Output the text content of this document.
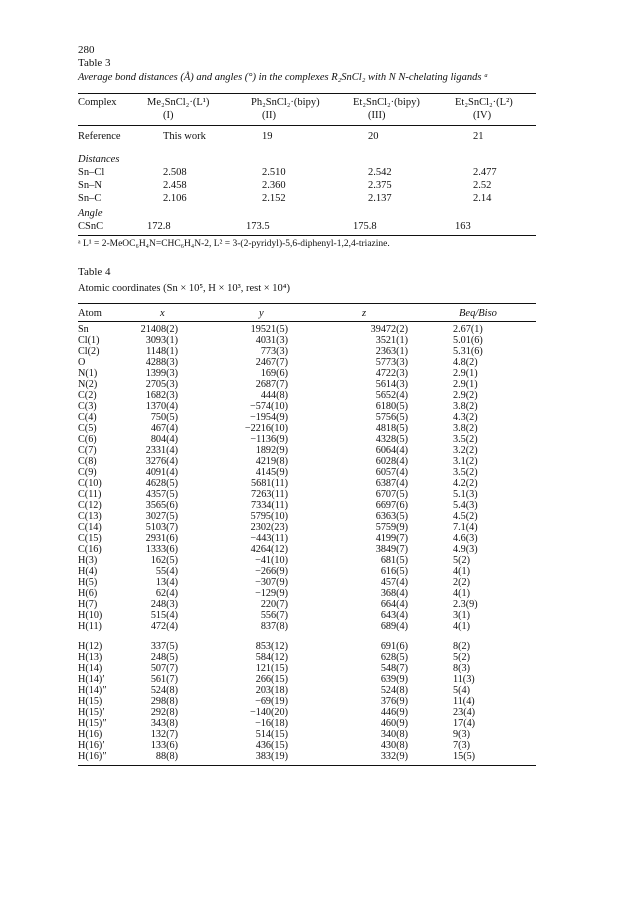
280
Table 3
Average bond distances (Å) and angles (°) in the complexes R₂SnCl₂ with N N-chelating ligands ᵃ
Complex	Me₂SnCl₂·(L¹)	Ph₂SnCl₂·(bipy)	Et₂SnCl₂·(bipy)	Et₂SnCl₂·(L²)
(I)	(II)	(III)	(IV)
Reference	This work	19	20	21
Distances
Sn–Cl	2.508	2.510	2.542	2.477
Sn–N	2.458	2.360	2.375	2.52
Sn–C	2.106	2.152	2.137	2.14
Angle
CSnC	172.8	173.5	175.8	163
ᵃ L¹ = 2-MeOC₆H₄N=CHC₆H₄N-2, L² = 3-(2-pyridyl)-5,6-diphenyl-1,2,4-triazine.
Table 4
Atomic coordinates (Sn × 10⁵, H × 10³, rest × 10⁴)
Atom	x	y	z	Beq/Biso
Sn	21408(2)	19521(5)	39472(2)	2.67(1)
Cl(1)	3093(1)	4031(3)	3521(1)	5.01(6)
Cl(2)	1148(1)	773(3)	2363(1)	5.31(6)
O	4288(3)	2467(7)	5773(3)	4.8(2)
N(1)	1399(3)	169(6)	4722(3)	2.9(1)
N(2)	2705(3)	2687(7)	5614(3)	2.9(1)
C(2)	1682(3)	444(8)	5652(4)	2.9(2)
C(3)	1370(4)	−574(10)	6180(5)	3.8(2)
C(4)	750(5)	−1954(9)	5756(5)	4.3(2)
C(5)	467(4)	−2216(10)	4818(5)	3.8(2)
C(6)	804(4)	−1136(9)	4328(5)	3.5(2)
C(7)	2331(4)	1892(9)	6064(4)	3.2(2)
C(8)	3276(4)	4219(8)	6028(4)	3.1(2)
C(9)	4091(4)	4145(9)	6057(4)	3.5(2)
C(10)	4628(5)	5681(11)	6387(4)	4.2(2)
C(11)	4357(5)	7263(11)	6707(5)	5.1(3)
C(12)	3565(6)	7334(11)	6697(6)	5.4(3)
C(13)	3027(5)	5795(10)	6363(5)	4.5(2)
C(14)	5103(7)	2302(23)	5759(9)	7.1(4)
C(15)	2931(6)	−443(11)	4199(7)	4.6(3)
C(16)	1333(6)	4264(12)	3849(7)	4.9(3)
H(3)	162(5)	−41(10)	681(5)	5(2)
H(4)	55(4)	−266(9)	616(5)	4(1)
H(5)	13(4)	−307(9)	457(4)	2(2)
H(6)	62(4)	−129(9)	368(4)	4(1)
H(7)	248(3)	220(7)	664(4)	2.3(9)
H(10)	515(4)	556(7)	643(4)	3(1)
H(11)	472(4)	837(8)	689(4)	4(1)
H(12)	337(5)	853(12)	691(6)	8(2)
H(13)	248(5)	584(12)	628(5)	5(2)
H(14)	507(7)	121(15)	548(7)	8(3)
H(14)′	561(7)	266(15)	639(9)	11(3)
H(14)″	524(8)	203(18)	524(8)	5(4)
H(15)	298(8)	−69(19)	376(9)	11(4)
H(15)′	292(8)	−140(20)	446(9)	23(4)
H(15)″	343(8)	−16(18)	460(9)	17(4)
H(16)	132(7)	514(15)	340(8)	9(3)
H(16)′	133(6)	436(15)	430(8)	7(3)
H(16)″	88(8)	383(19)	332(9)	15(5)
